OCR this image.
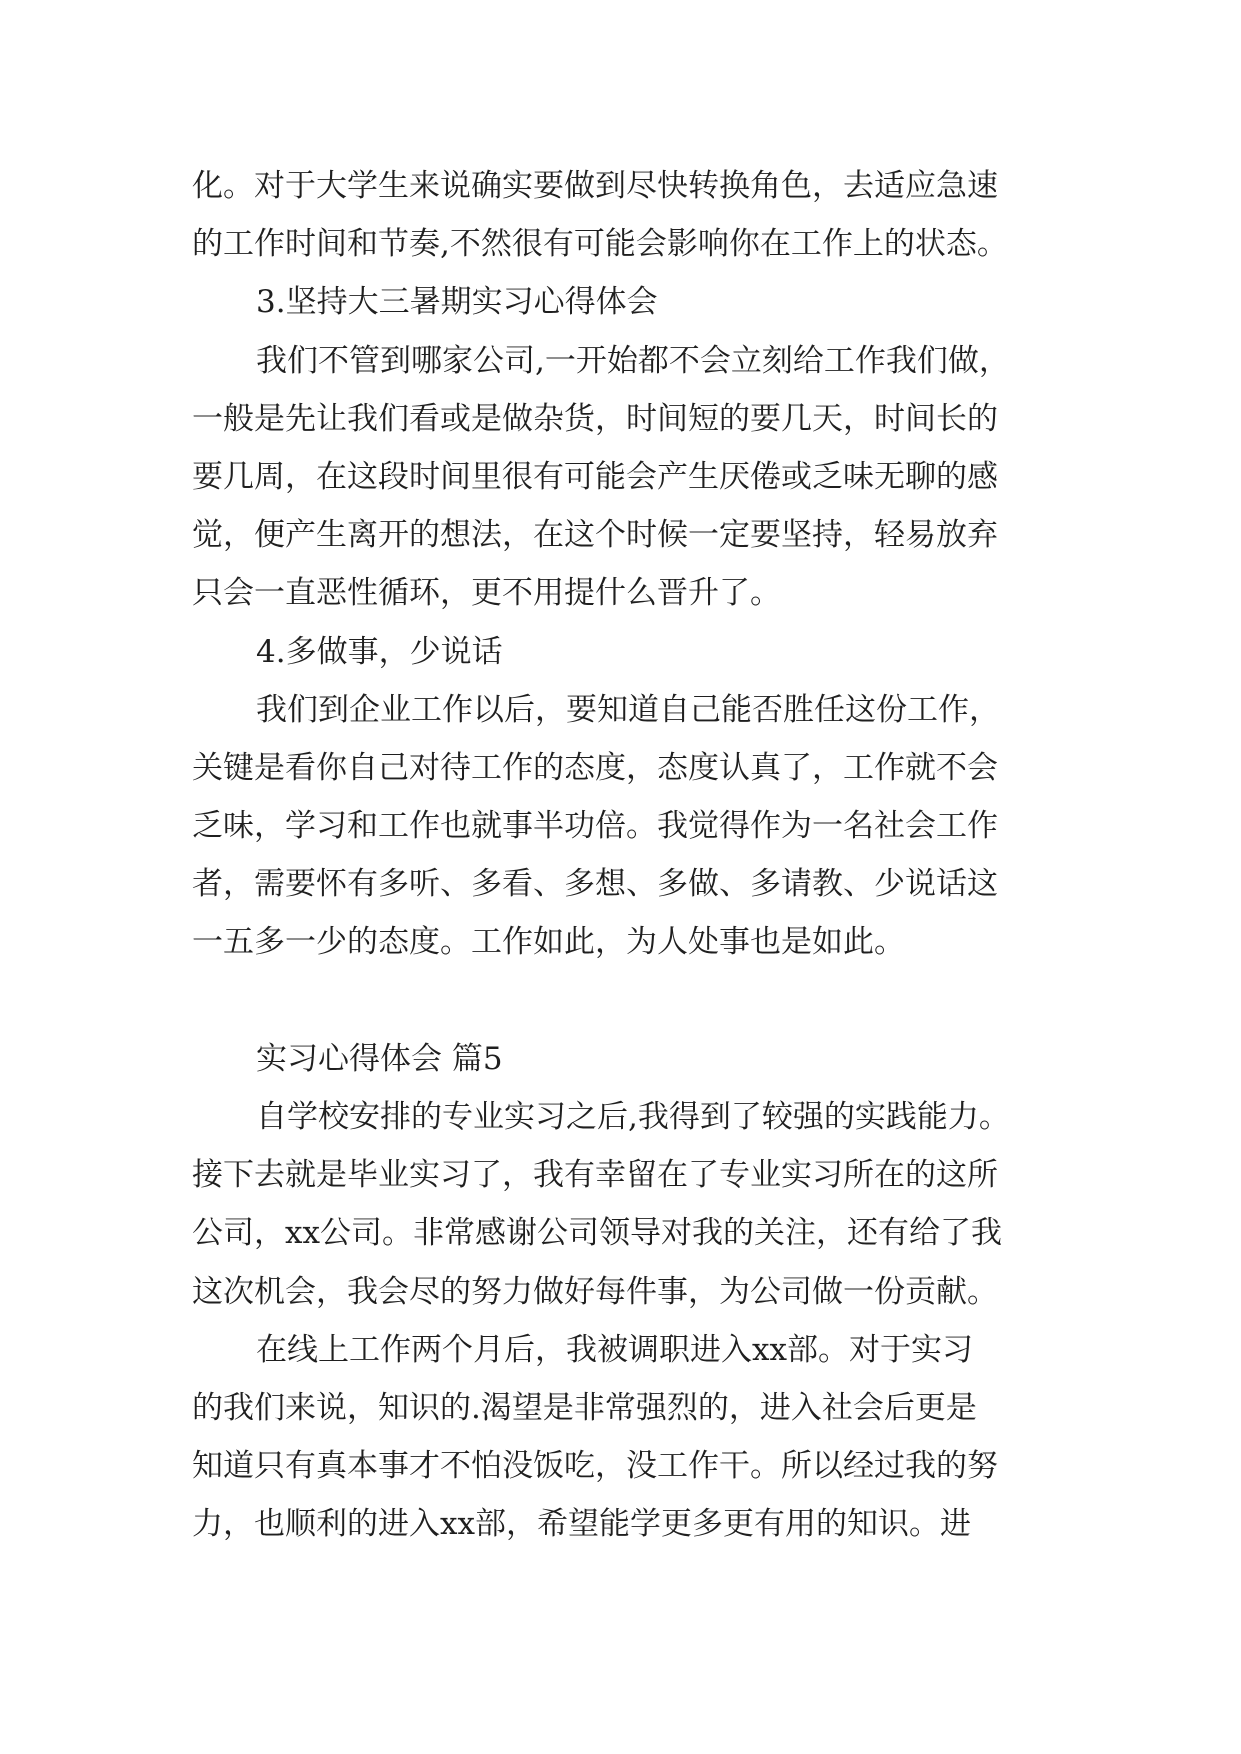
化。对于大学生来说确实要做到尽快转换角色，去适应急速
的工作时间和节奏,不然很有可能会影响你在工作上的状态。
3.坚持大三暑期实习心得体会
我们不管到哪家公司,一开始都不会立刻给工作我们做，
一般是先让我们看或是做杂货，时间短的要几天，时间长的
要几周，在这段时间里很有可能会产生厌倦或乏味无聊的感
觉，便产生离开的想法，在这个时候一定要坚持，轻易放弃
只会一直恶性循环，更不用提什么晋升了。
4.多做事，少说话
我们到企业工作以后，要知道自己能否胜任这份工作，
关键是看你自己对待工作的态度，态度认真了，工作就不会
乏味，学习和工作也就事半功倍。我觉得作为一名社会工作
者，需要怀有多听、多看、多想、多做、多请教、少说话这
一五多一少的态度。工作如此，为人处事也是如此。
实习心得体会 篇5
自学校安排的专业实习之后,我得到了较强的实践能力。
接下去就是毕业实习了，我有幸留在了专业实习所在的这所
公司，xx公司。非常感谢公司领导对我的关注，还有给了我
这次机会，我会尽的努力做好每件事，为公司做一份贡献。
在线上工作两个月后，我被调职进入xx部。对于实习
的我们来说，知识的.渴望是非常强烈的，进入社会后更是
知道只有真本事才不怕没饭吃，没工作干。所以经过我的努
力，也顺利的进入xx部，希望能学更多更有用的知识。进
